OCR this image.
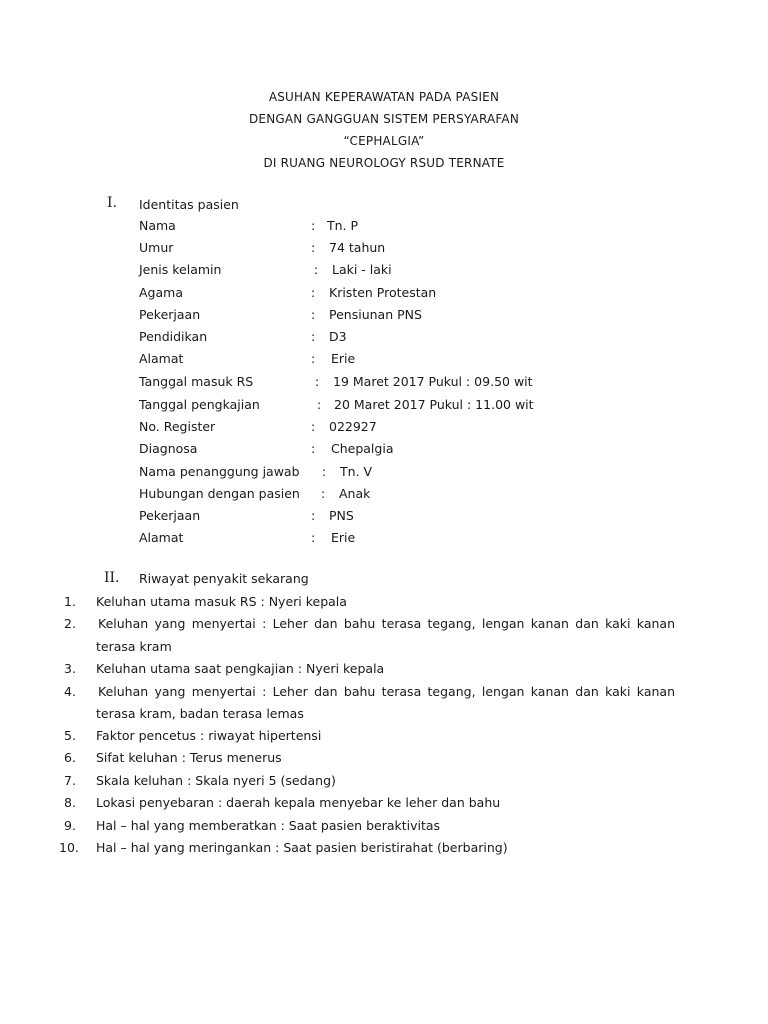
ASUHAN KEPERAWATAN PADA PASIEN
DENGAN GANGGUAN SISTEM PERSYARAFAN
“CEPHALGIA”
DI RUANG NEUROLOGY RSUD TERNATE
I. Identitas pasien
Nama	: Tn. P
Umur	: 74 tahun
Jenis kelamin	: Laki - laki
Agama	: Kristen Protestan
Pekerjaan	: Pensiunan PNS
Pendidikan	: D3
Alamat	: Erie
Tanggal masuk RS	: 19 Maret 2017 Pukul : 09.50 wit
Tanggal pengkajian	: 20 Maret 2017 Pukul : 11.00 wit
No. Register	: 022927
Diagnosa	: Chepalgia
Nama penanggung jawab : Tn. V
Hubungan dengan pasien : Anak
Pekerjaan	: PNS
Alamat	: Erie
II. Riwayat penyakit sekarang
1. Keluhan utama masuk RS : Nyeri kepala
2. Keluhan yang menyertai : Leher dan bahu terasa tegang, lengan kanan dan kaki kanan
terasa kram
3. Keluhan utama saat pengkajian : Nyeri kepala
4. Keluhan yang menyertai : Leher dan bahu terasa tegang, lengan kanan dan kaki kanan
terasa kram, badan terasa lemas
5. Faktor pencetus : riwayat hipertensi
6. Sifat keluhan : Terus menerus
7. Skala keluhan : Skala nyeri 5 (sedang)
8. Lokasi penyebaran : daerah kepala menyebar ke leher dan bahu
9. Hal – hal yang memberatkan : Saat pasien beraktivitas
10. Hal – hal yang meringankan : Saat pasien beristirahat (berbaring)
